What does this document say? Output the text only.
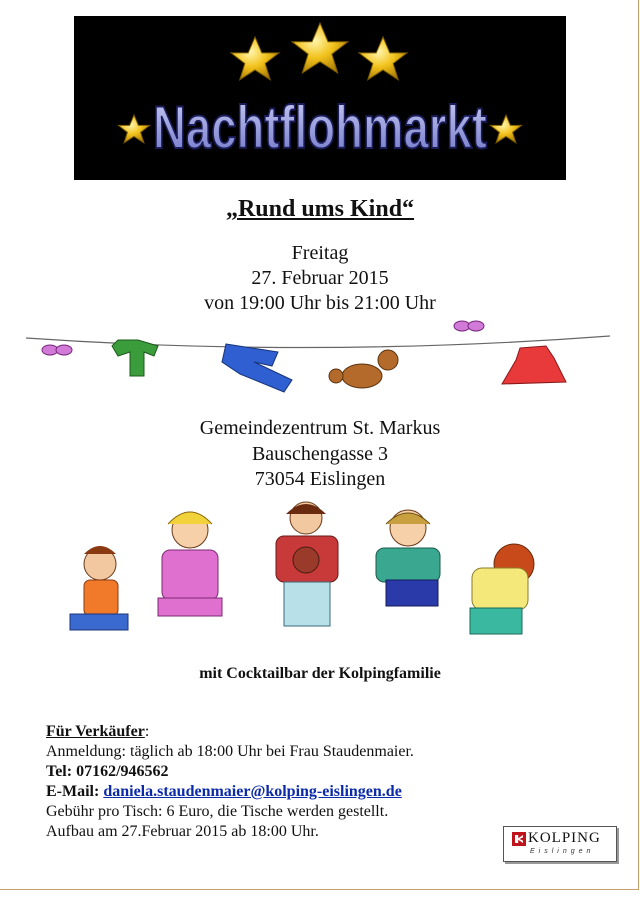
Nachtflohmarkt
„Rund ums Kind“
Freitag
27. Februar 2015
von 19:00 Uhr bis 21:00 Uhr
Gemeindezentrum St. Markus
Bauschengasse 3
73054 Eislingen
mit Cocktailbar der Kolpingfamilie
Für Verkäufer:
Anmeldung: täglich ab 18:00 Uhr bei Frau Staudenmaier.
Tel: 07162/946562
E-Mail: daniela.staudenmaier@kolping-eislingen.de
Gebühr pro Tisch: 6 Euro, die Tische werden gestellt.
Aufbau am 27.Februar 2015 ab 18:00 Uhr.	KOLPING
Eislingen
